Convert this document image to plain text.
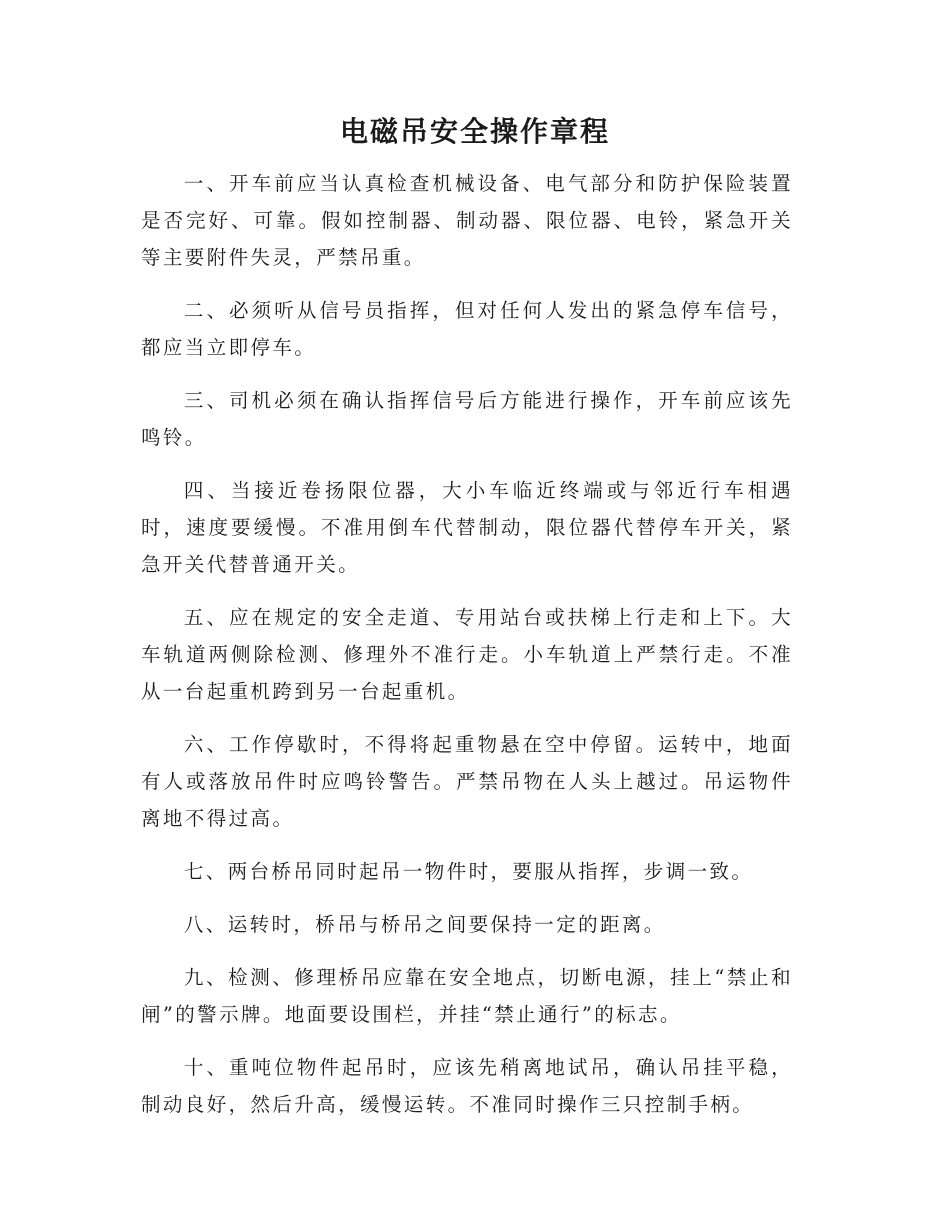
电磁吊安全操作章程

一、开车前应当认真检查机械设备、电气部分和防护保险装置是否完好、可靠。假如控制器、制动器、限位器、电铃，紧急开关等主要附件失灵，严禁吊重。

二、必须听从信号员指挥，但对任何人发出的紧急停车信号，都应当立即停车。

三、司机必须在确认指挥信号后方能进行操作，开车前应该先鸣铃。

四、当接近卷扬限位器，大小车临近终端或与邻近行车相遇时，速度要缓慢。不准用倒车代替制动，限位器代替停车开关，紧急开关代替普通开关。

五、应在规定的安全走道、专用站台或扶梯上行走和上下。大车轨道两侧除检测、修理外不准行走。小车轨道上严禁行走。不准从一台起重机跨到另一台起重机。

六、工作停歇时，不得将起重物悬在空中停留。运转中，地面有人或落放吊件时应鸣铃警告。严禁吊物在人头上越过。吊运物件离地不得过高。

七、两台桥吊同时起吊一物件时，要服从指挥，步调一致。

八、运转时，桥吊与桥吊之间要保持一定的距离。

九、检测、修理桥吊应靠在安全地点，切断电源，挂上“禁止和闸”的警示牌。地面要设围栏，并挂“禁止通行”的标志。

十、重吨位物件起吊时，应该先稍离地试吊，确认吊挂平稳，制动良好，然后升高，缓慢运转。不准同时操作三只控制手柄。
